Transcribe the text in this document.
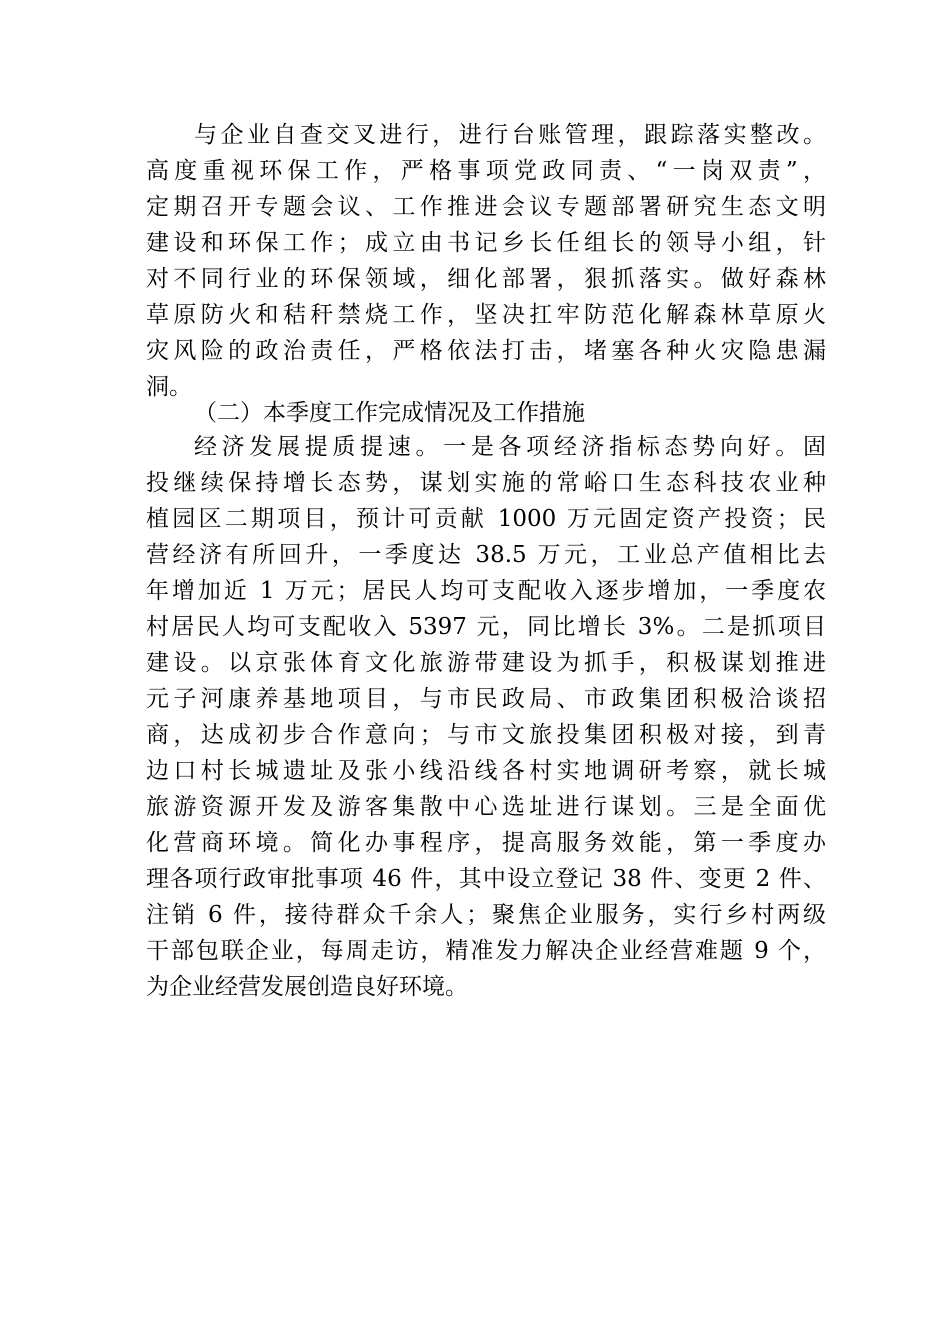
与企业自查交叉进行，进行台账管理，跟踪落实整改。
高度重视环保工作，严格事项党政同责、“一岗双责”，
定期召开专题会议、工作推进会议专题部署研究生态文明
建设和环保工作；成立由书记乡长任组长的领导小组，针
对不同行业的环保领域，细化部署，狠抓落实。做好森林
草原防火和秸秆禁烧工作，坚决扛牢防范化解森林草原火
灾风险的政治责任，严格依法打击，堵塞各种火灾隐患漏
洞。
（二）本季度工作完成情况及工作措施
经济发展提质提速。一是各项经济指标态势向好。固
投继续保持增长态势，谋划实施的常峪口生态科技农业种
植园区二期项目，预计可贡献 1000 万元固定资产投资；民
营经济有所回升，一季度达 38.5 万元，工业总产值相比去
年增加近 1 万元；居民人均可支配收入逐步增加，一季度农
村居民人均可支配收入 5397 元，同比增长 3%。二是抓项目
建设。以京张体育文化旅游带建设为抓手，积极谋划推进
元子河康养基地项目，与市民政局、市政集团积极洽谈招
商，达成初步合作意向；与市文旅投集团积极对接，到青
边口村长城遗址及张小线沿线各村实地调研考察，就长城
旅游资源开发及游客集散中心选址进行谋划。三是全面优
化营商环境。简化办事程序，提高服务效能，第一季度办
理各项行政审批事项 46 件，其中设立登记 38 件、变更 2 件、
注销 6 件，接待群众千余人；聚焦企业服务，实行乡村两级
干部包联企业，每周走访，精准发力解决企业经营难题 9 个，
为企业经营发展创造良好环境。
